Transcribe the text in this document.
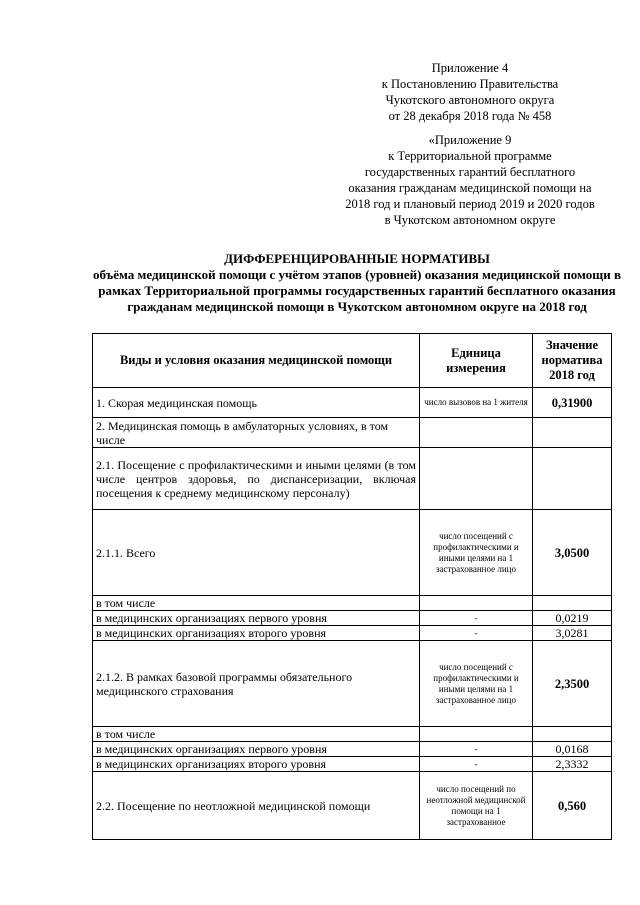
Приложение 4
к Постановлению Правительства
Чукотского автономного округа
от 28 декабря 2018 года № 458
«Приложение 9
к Территориальной программе
государственных гарантий бесплатного
оказания гражданам медицинской помощи на
2018 год и плановый период 2019 и 2020 годов
в Чукотском автономном округе
ДИФФЕРЕНЦИРОВАННЫЕ НОРМАТИВЫ
объёма медицинской помощи с учётом этапов (уровней) оказания медицинской помощи в рамках Территориальной программы государственных гарантий бесплатного оказания гражданам медицинской помощи в Чукотском автономном округе на 2018 год
Виды и условия оказания медицинской помощи	Единица измерения	Значение норматива 2018 год
1. Скорая медицинская помощь	число вызовов на 1 жителя	0,31900
2. Медицинская помощь в амбулаторных условиях, в том числе		
2.1. Посещение с профилактическими и иными целями (в том числе центров здоровья, по диспансеризации, включая посещения к среднему медицинскому персоналу)		
2.1.1. Всего	число посещений с профилактическими и иными целями на 1 застрахованное лицо	3,0500
в том числе		
в медицинских организациях первого уровня	-	0,0219
в медицинских организациях второго уровня	-	3,0281
2.1.2. В рамках базовой программы обязательного медицинского страхования	число посещений с профилактическими и иными целями на 1 застрахованное лицо	2,3500
в том числе		
в медицинских организациях первого уровня	-	0,0168
в медицинских организациях второго уровня	-	2,3332
2.2. Посещение по неотложной медицинской помощи	число посещений по неотложной медицинской помощи на 1 застрахованное	0,560
